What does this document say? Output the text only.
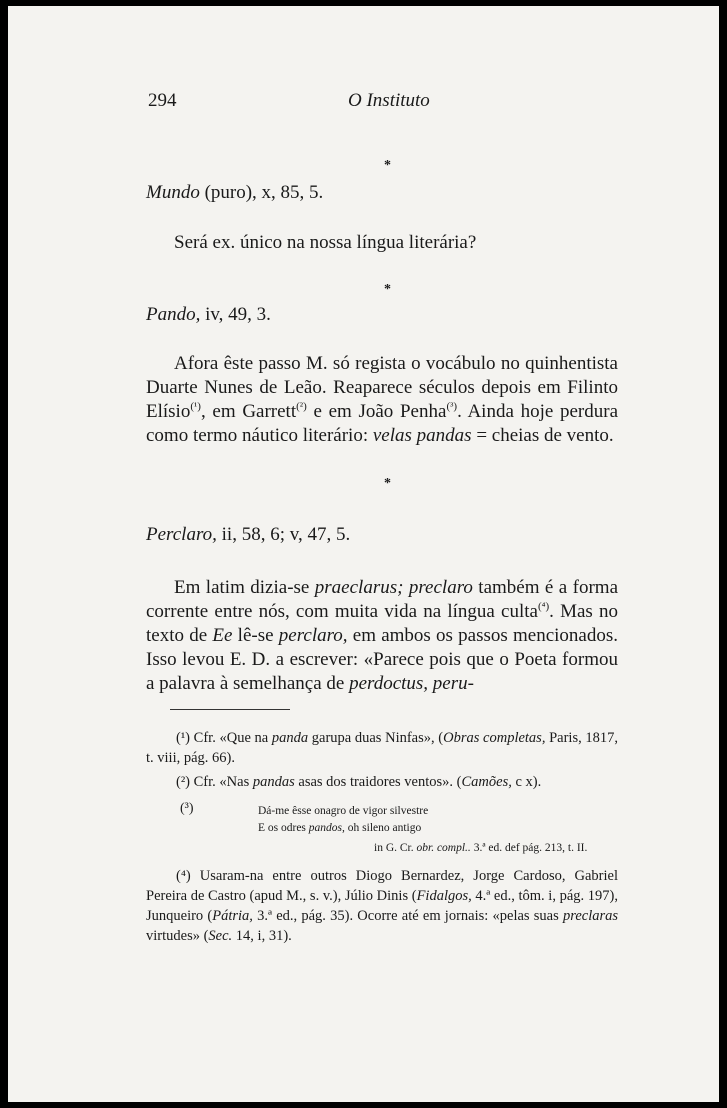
294	O Instituto
*

Mundo (puro), x, 85, 5.

Será ex. único na nossa língua literária?

*

Pando, iv, 49, 3.

Afora êste passo M. só regista o vocábulo no quinhentista Duarte Nunes de Leão. Reaparece séculos depois em Filinto Elísio$^{(^1)}$, em Garrett$^{(^2)}$ e em João Penha$^{(^3)}$. Ainda hoje perdura como termo náutico literário: velas pandas = cheias de vento.

*

Perclaro, ii, 58, 6; v, 47, 5.

Em latim dizia-se praeclarus; preclaro também é a forma corrente entre nós, com muita vida na língua culta$^{(^4)}$. Mas no texto de Ee lê-se perclaro, em ambos os passos mencionados. Isso levou E. D. a escrever: «Parece pois que o Poeta formou a palavra à semelhança de perdoctus, peru-

(¹) Cfr. «Que na panda garupa duas Ninfas», (Obras completas, Paris, 1817, t. viii, pág. 66).

(²) Cfr. «Nas pandas asas dos traidores ventos». (Camões, c x).

(³)	Dá-me êsse onagro de vigor silvestre
E os odres pandos, oh sileno antigo

in G. Cr. obr. compl.. 3.ª ed. def pág. 213, t. II.

(⁴) Usaram-na entre outros Diogo Bernardez, Jorge Cardoso, Gabriel Pereira de Castro (apud M., s. v.), Júlio Dinis (Fidalgos, 4.ª ed., tôm. i, pág. 197), Junqueiro (Pátria, 3.ª ed., pág. 35). Ocorre até em jornais: «pelas suas preclaras virtudes» (Sec. 14, i, 31).
